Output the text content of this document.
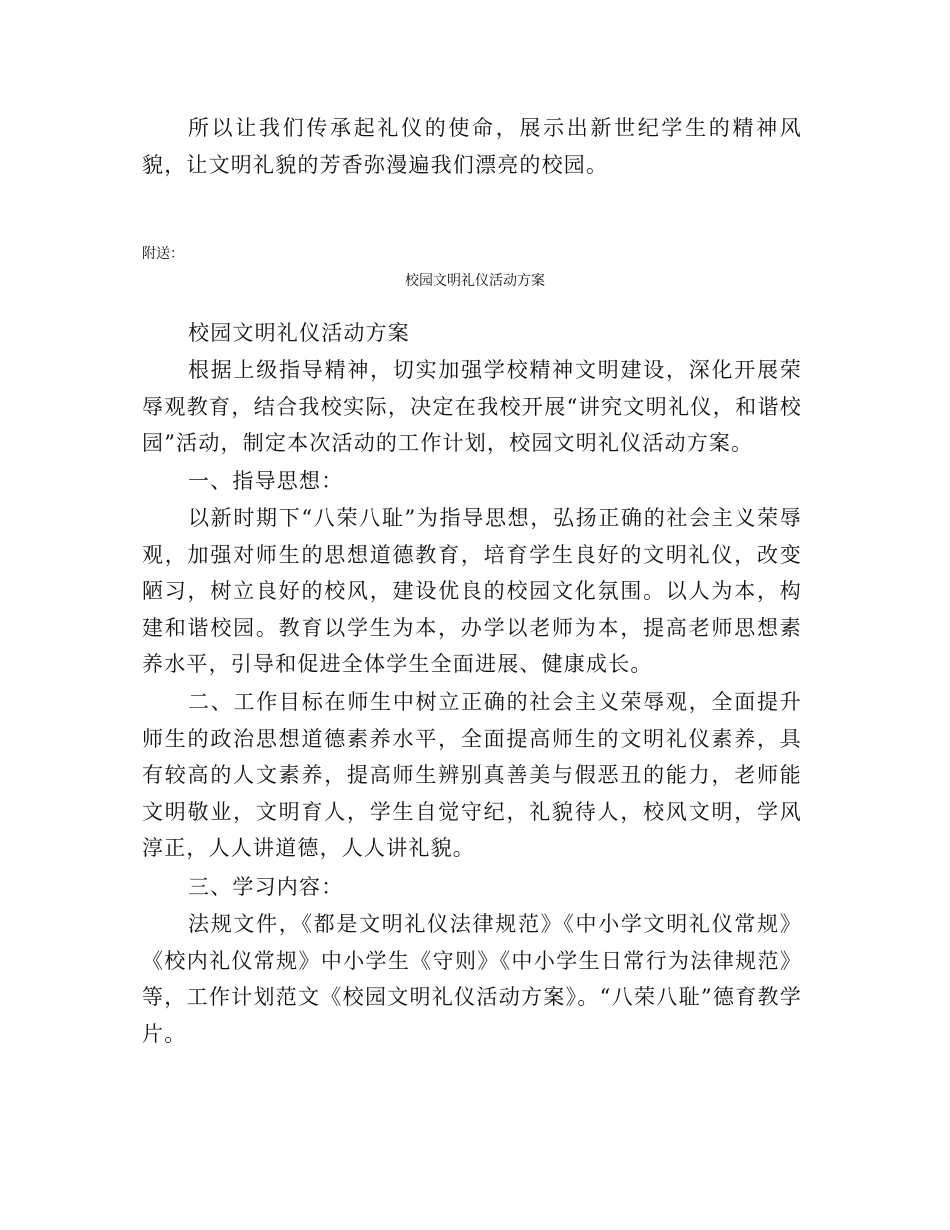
所以让我们传承起礼仪的使命，展示出新世纪学生的精神风貌，让文明礼貌的芳香弥漫遍我们漂亮的校园。

附送：

校园文明礼仪活动方案

校园文明礼仪活动方案

根据上级指导精神，切实加强学校精神文明建设，深化开展荣辱观教育，结合我校实际，决定在我校开展“讲究文明礼仪，和谐校园”活动，制定本次活动的工作计划，校园文明礼仪活动方案。

一、指导思想：

以新时期下“八荣八耻”为指导思想，弘扬正确的社会主义荣辱观，加强对师生的思想道德教育，培育学生良好的文明礼仪，改变陋习，树立良好的校风，建设优良的校园文化氛围。以人为本，构建和谐校园。教育以学生为本，办学以老师为本，提高老师思想素养水平，引导和促进全体学生全面进展、健康成长。

二、工作目标在师生中树立正确的社会主义荣辱观，全面提升师生的政治思想道德素养水平，全面提高师生的文明礼仪素养，具有较高的人文素养，提高师生辨别真善美与假恶丑的能力，老师能文明敬业，文明育人，学生自觉守纪，礼貌待人，校风文明，学风淳正，人人讲道德，人人讲礼貌。

三、学习内容：

法规文件，《都是文明礼仪法律规范》《中小学文明礼仪常规》《校内礼仪常规》中小学生《守则》《中小学生日常行为法律规范》等，工作计划范文《校园文明礼仪活动方案》。“八荣八耻”德育教学片。
